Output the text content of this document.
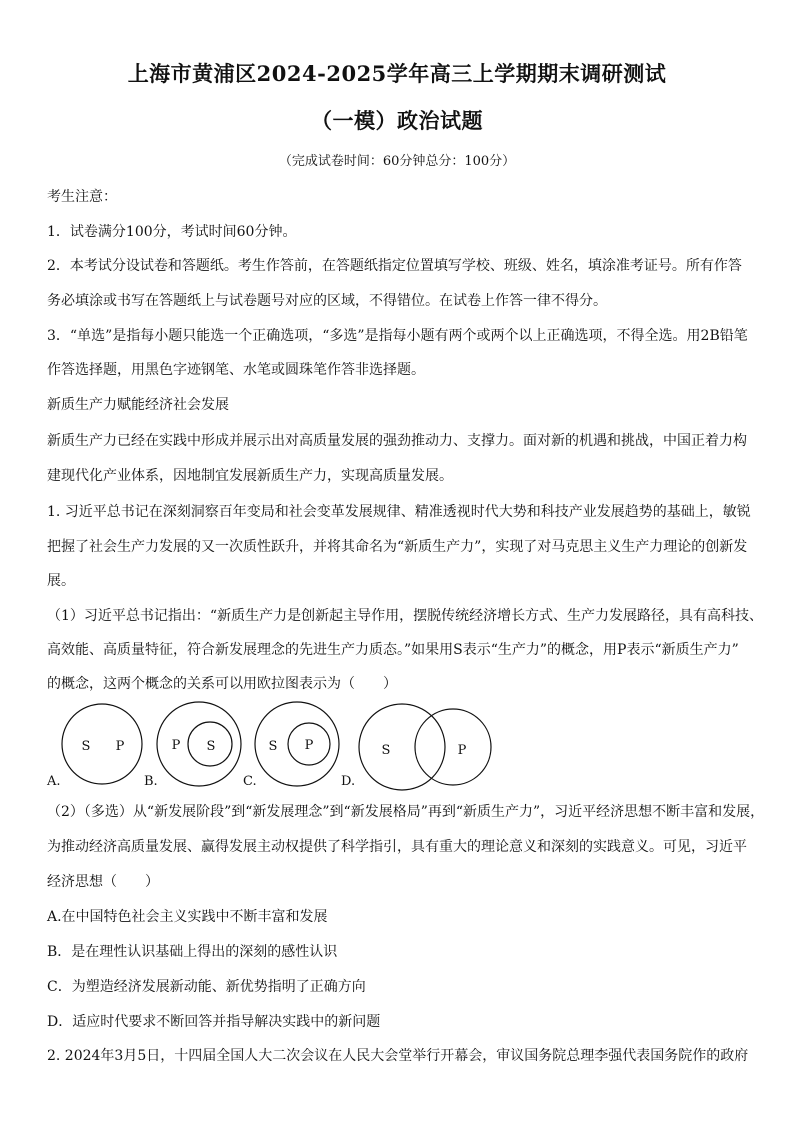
上海市黄浦区2024-2025学年高三上学期期末调研测试
（一模）政治试题
（完成试卷时间：60分钟总分：100分）
考生注意：
1．试卷满分100分，考试时间60分钟。
2．本考试分设试卷和答题纸。考生作答前，在答题纸指定位置填写学校、班级、姓名，填涂准考证号。所有作答
务必填涂或书写在答题纸上与试卷题号对应的区域，不得错位。在试卷上作答一律不得分。
3．“单选”是指每小题只能选一个正确选项，“多选”是指每小题有两个或两个以上正确选项，不得全选。用2B铅笔
作答选择题，用黑色字迹钢笔、水笔或圆珠笔作答非选择题。
新质生产力赋能经济社会发展
新质生产力已经在实践中形成并展示出对高质量发展的强劲推动力、支撑力。面对新的机遇和挑战，中国正着力构
建现代化产业体系，因地制宜发展新质生产力，实现高质量发展。
1. 习近平总书记在深刻洞察百年变局和社会变革发展规律、精准透视时代大势和科技产业发展趋势的基础上，敏锐
把握了社会生产力发展的又一次质性跃升，并将其命名为“新质生产力”，实现了对马克思主义生产力理论的创新发
展。
（1）习近平总书记指出：“新质生产力是创新起主导作用，摆脱传统经济增长方式、生产力发展路径，具有高科技、
高效能、高质量特征，符合新发展理念的先进生产力质态。”如果用S表示“生产力”的概念，用P表示“新质生产力”
的概念，这两个概念的关系可以用欧拉图表示为（　　）
S P	P S	S P	S	P
A.	B.	C.	D.
（2）（多选）从“新发展阶段”到“新发展理念”到“新发展格局”再到“新质生产力”，习近平经济思想不断丰富和发展，
为推动经济高质量发展、赢得发展主动权提供了科学指引，具有重大的理论意义和深刻的实践意义。可见，习近平
经济思想（　　）
A.在中国特色社会主义实践中不断丰富和发展
B．是在理性认识基础上得出的深刻的感性认识
C．为塑造经济发展新动能、新优势指明了正确方向
D．适应时代要求不断回答并指导解决实践中的新问题
2. 2024年3月5日，十四届全国人大二次会议在人民大会堂举行开幕会，审议国务院总理李强代表国务院作的政府
